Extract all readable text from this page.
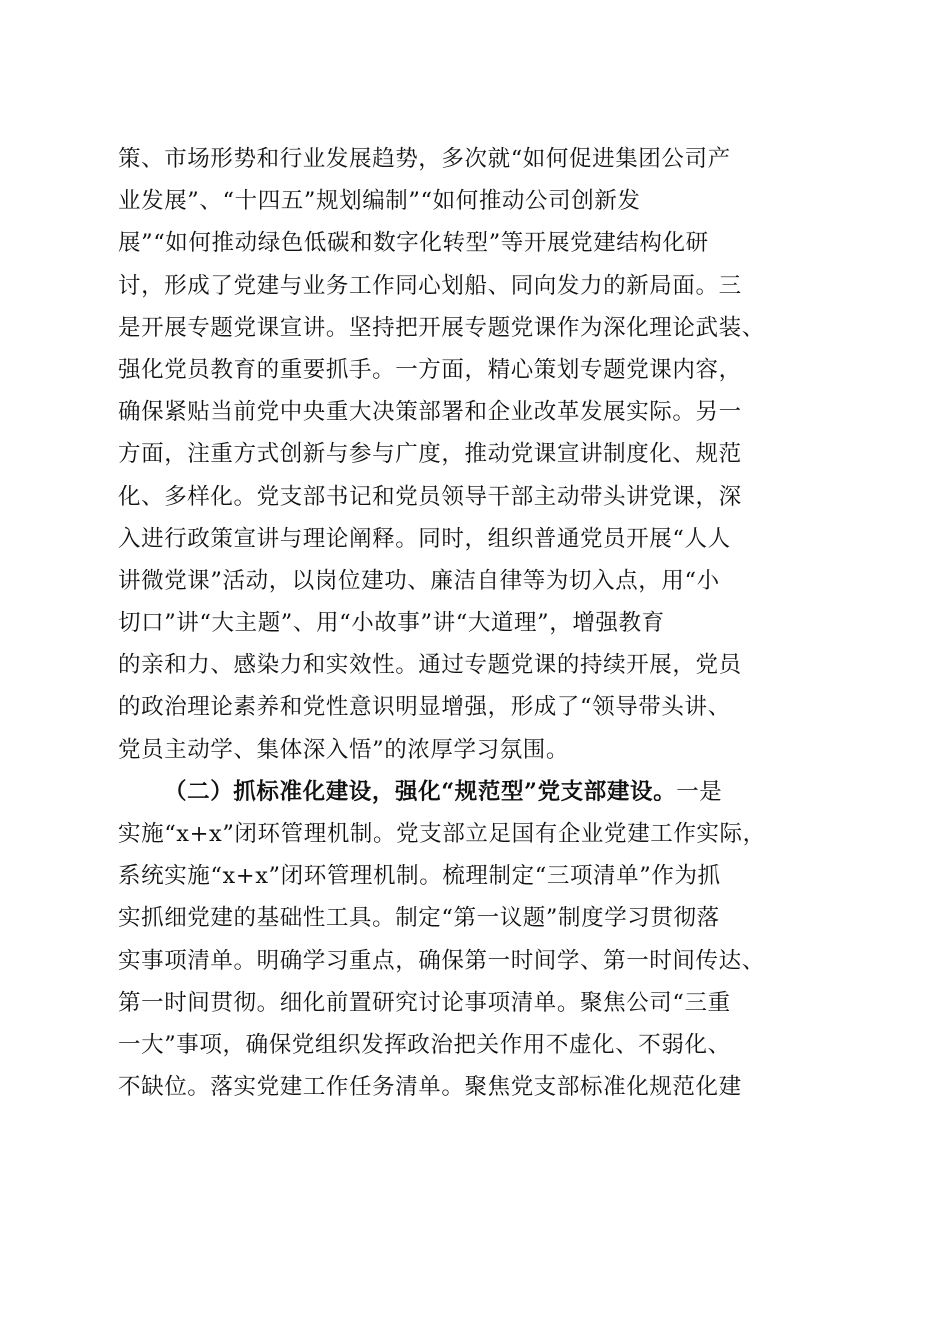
策、市场形势和行业发展趋势，多次就“如何促进集团公司产
业发展”、“十四五”规划编制”“如何推动公司创新发
展”“如何推动绿色低碳和数字化转型”等开展党建结构化研
讨，形成了党建与业务工作同心划船、同向发力的新局面。三
是开展专题党课宣讲。坚持把开展专题党课作为深化理论武装、
强化党员教育的重要抓手。一方面，精心策划专题党课内容，
确保紧贴当前党中央重大决策部署和企业改革发展实际。另一
方面，注重方式创新与参与广度，推动党课宣讲制度化、规范
化、多样化。党支部书记和党员领导干部主动带头讲党课，深
入进行政策宣讲与理论阐释。同时，组织普通党员开展“人人
讲微党课”活动，以岗位建功、廉洁自律等为切入点，用“小
切口”讲“大主题”、用“小故事”讲“大道理”，增强教育
的亲和力、感染力和实效性。通过专题党课的持续开展，党员
的政治理论素养和党性意识明显增强，形成了“领导带头讲、
党员主动学、集体深入悟”的浓厚学习氛围。
（二）抓标准化建设，强化“规范型”党支部建设。一是
实施“x+x”闭环管理机制。党支部立足国有企业党建工作实际，
系统实施“x+x”闭环管理机制。梳理制定“三项清单”作为抓
实抓细党建的基础性工具。制定“第一议题”制度学习贯彻落
实事项清单。明确学习重点，确保第一时间学、第一时间传达、
第一时间贯彻。细化前置研究讨论事项清单。聚焦公司“三重
一大”事项，确保党组织发挥政治把关作用不虚化、不弱化、
不缺位。落实党建工作任务清单。聚焦党支部标准化规范化建
